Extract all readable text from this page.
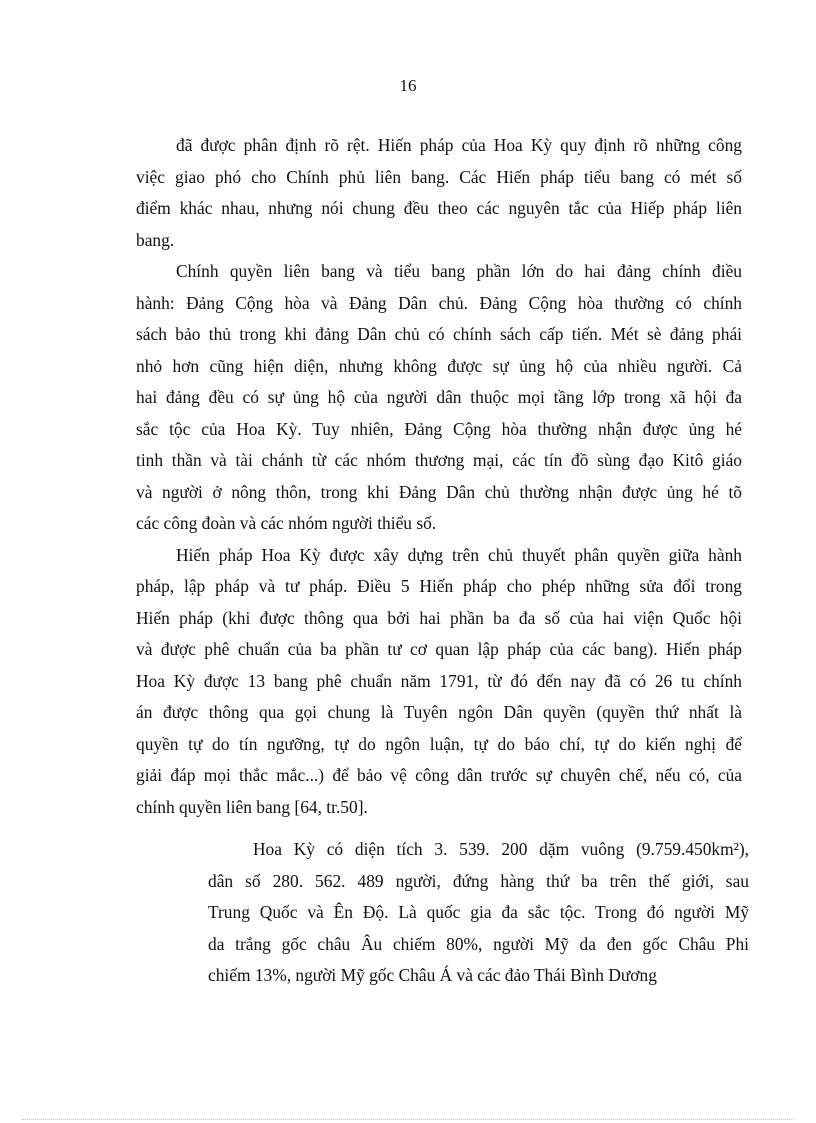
16
đã được phân định rõ rệt. Hiến pháp của Hoa Kỳ quy định rõ những công
việc giao phó cho Chính phủ liên bang. Các Hiến pháp tiểu bang có mét số
điểm khác nhau, nhưng nói chung đều theo các nguyên tắc của Hiếp pháp liên
bang.
Chính quyền liên bang và tiểu bang phần lớn do hai đảng chính điều
hành: Đảng Cộng hòa và Đảng Dân chủ. Đảng Cộng hòa thường có chính
sách bảo thủ trong khi đảng Dân chủ có chính sách cấp tiến. Mét sè đảng phái
nhỏ hơn cũng hiện diện, nhưng không được sự ủng hộ của nhiều người. Cả
hai đảng đều có sự ủng hộ của người dân thuộc mọi tầng lớp trong xã hội đa
sắc tộc của Hoa Kỳ. Tuy nhiên, Đảng Cộng hòa thường nhận được ủng hé
tinh thần và tài chánh từ các nhóm thương mại, các tín đồ sùng đạo Kitô giáo
và người ở nông thôn, trong khi Đảng Dân chủ thường nhận được ủng hé tõ
các công đoàn và các nhóm người thiểu số.
Hiến pháp Hoa Kỳ được xây dựng trên chủ thuyết phân quyền giữa hành
pháp, lập pháp và tư pháp. Điều 5 Hiến pháp cho phép những sửa đổi trong
Hiến pháp (khi được thông qua bởi hai phần ba đa số của hai viện Quốc hội
và được phê chuẩn của ba phần tư cơ quan lập pháp của các bang). Hiến pháp
Hoa Kỳ được 13 bang phê chuẩn năm 1791, từ đó đến nay đã có 26 tu chính
án được thông qua gọi chung là Tuyên ngôn Dân quyền (quyền thứ nhất là
quyền tự do tín ngưỡng, tự do ngôn luận, tự do báo chí, tự do kiến nghị để
giải đáp mọi thắc mắc...) để bảo vệ công dân trước sự chuyên chế, nếu có, của
chính quyền liên bang [64, tr.50].
Hoa Kỳ có diện tích 3. 539. 200 dặm vuông (9.759.450km²),
dân số 280. 562. 489 người, đứng hàng thứ ba trên thế giới, sau
Trung Quốc và Ên Độ. Là quốc gia đa sắc tộc. Trong đó người Mỹ
da trắng gốc châu Âu chiếm 80%, người Mỹ da đen gốc Châu Phi
chiếm 13%, người Mỹ gốc Châu Á và các đảo Thái Bình Dương
